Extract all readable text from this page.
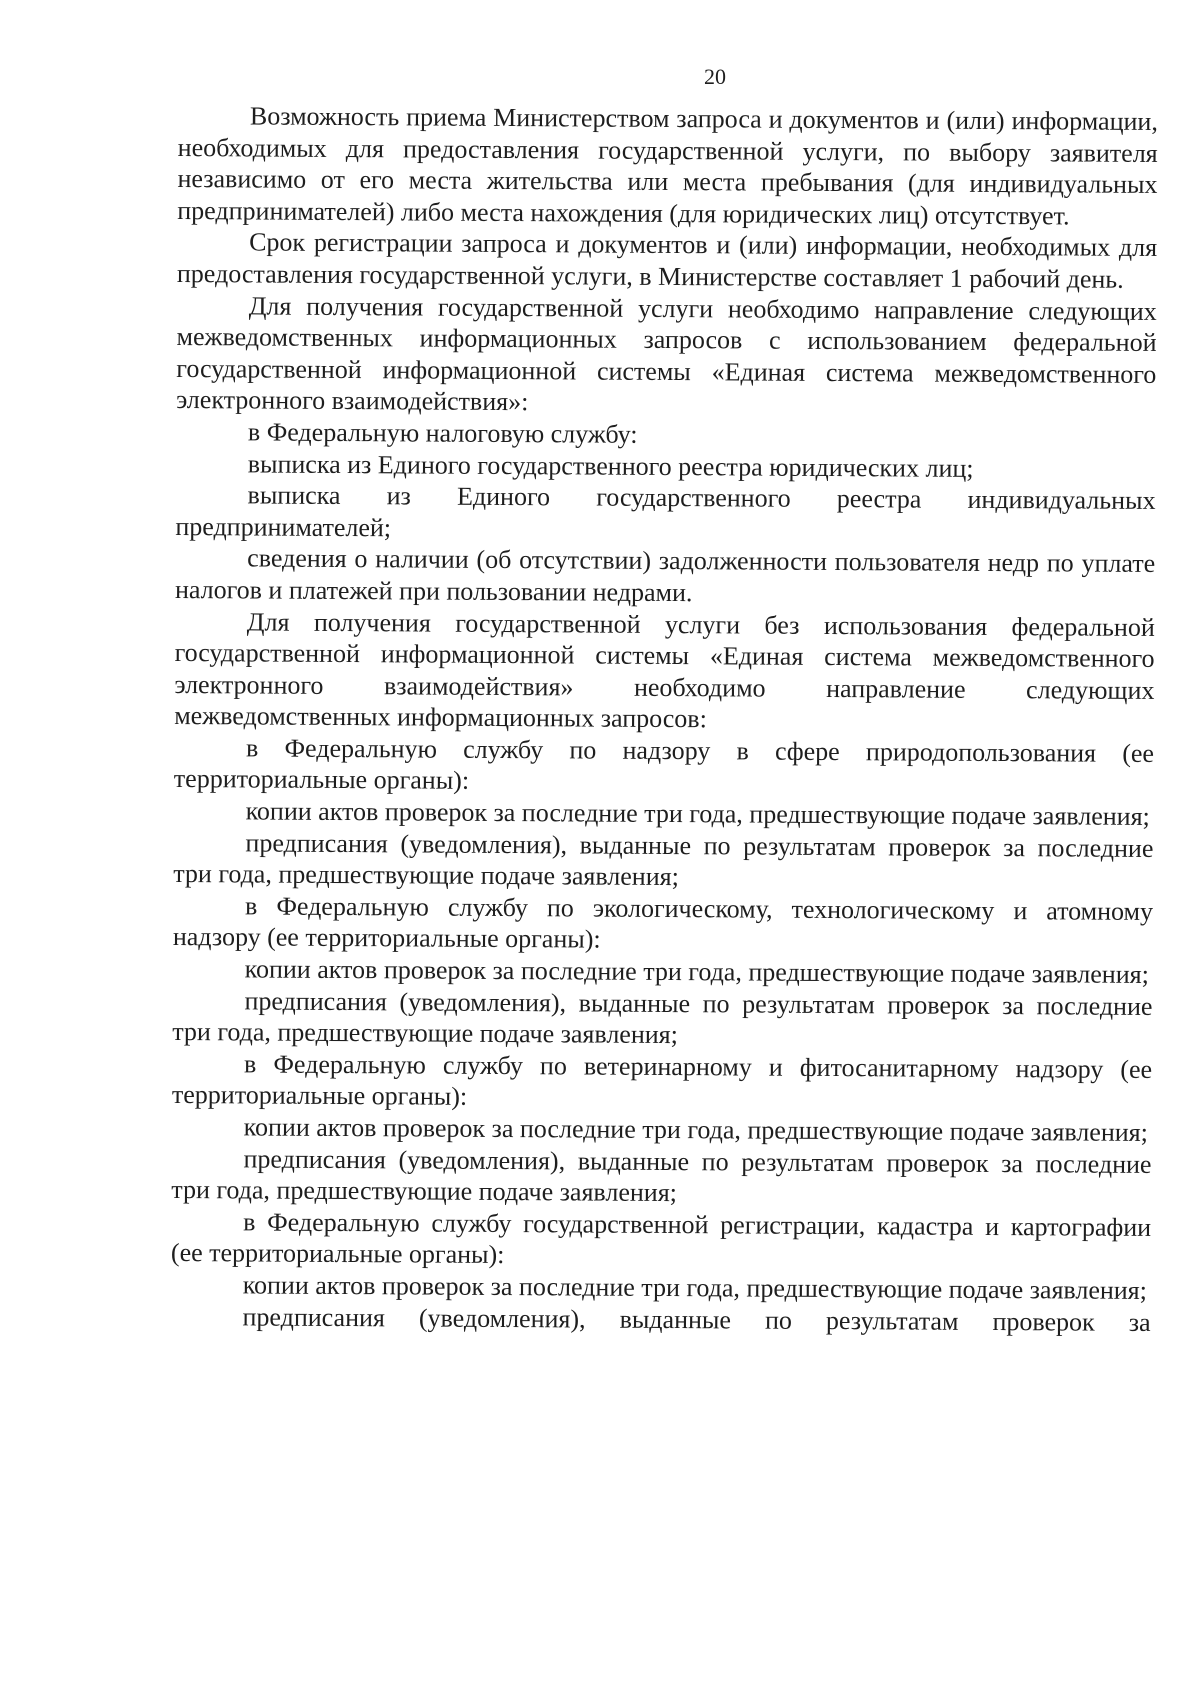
20

Возможность приема Министерством запроса и документов и (или) информации, необходимых для предоставления государственной услуги, по выбору заявителя независимо от его места жительства или места пребывания (для индивидуальных предпринимателей) либо места нахождения (для юридических лиц) отсутствует.

Срок регистрации запроса и документов и (или) информации, необходимых для предоставления государственной услуги, в Министерстве составляет 1 рабочий день.

Для получения государственной услуги необходимо направление следующих межведомственных информационных запросов с использованием федеральной государственной информационной системы «Единая система межведомственного электронного взаимодействия»:

в Федеральную налоговую службу:

выписка из Единого государственного реестра юридических лиц;

выписка из Единого государственного реестра индивидуальных предпринимателей;

сведения о наличии (об отсутствии) задолженности пользователя недр по уплате налогов и платежей при пользовании недрами.

Для получения государственной услуги без использования федеральной государственной информационной системы «Единая система межведомственного электронного взаимодействия» необходимо направление следующих межведомственных информационных запросов:

в Федеральную службу по надзору в сфере природопользования (ее территориальные органы):

копии актов проверок за последние три года, предшествующие подаче заявления;

предписания (уведомления), выданные по результатам проверок за последние три года, предшествующие подаче заявления;

в Федеральную службу по экологическому, технологическому и атомному надзору (ее территориальные органы):

копии актов проверок за последние три года, предшествующие подаче заявления;

предписания (уведомления), выданные по результатам проверок за последние три года, предшествующие подаче заявления;

в Федеральную службу по ветеринарному и фитосанитарному надзору (ее территориальные органы):

копии актов проверок за последние три года, предшествующие подаче заявления;

предписания (уведомления), выданные по результатам проверок за последние три года, предшествующие подаче заявления;

в Федеральную службу государственной регистрации, кадастра и картографии (ее территориальные органы):

копии актов проверок за последние три года, предшествующие подаче заявления;

предписания (уведомления), выданные по результатам проверок за
